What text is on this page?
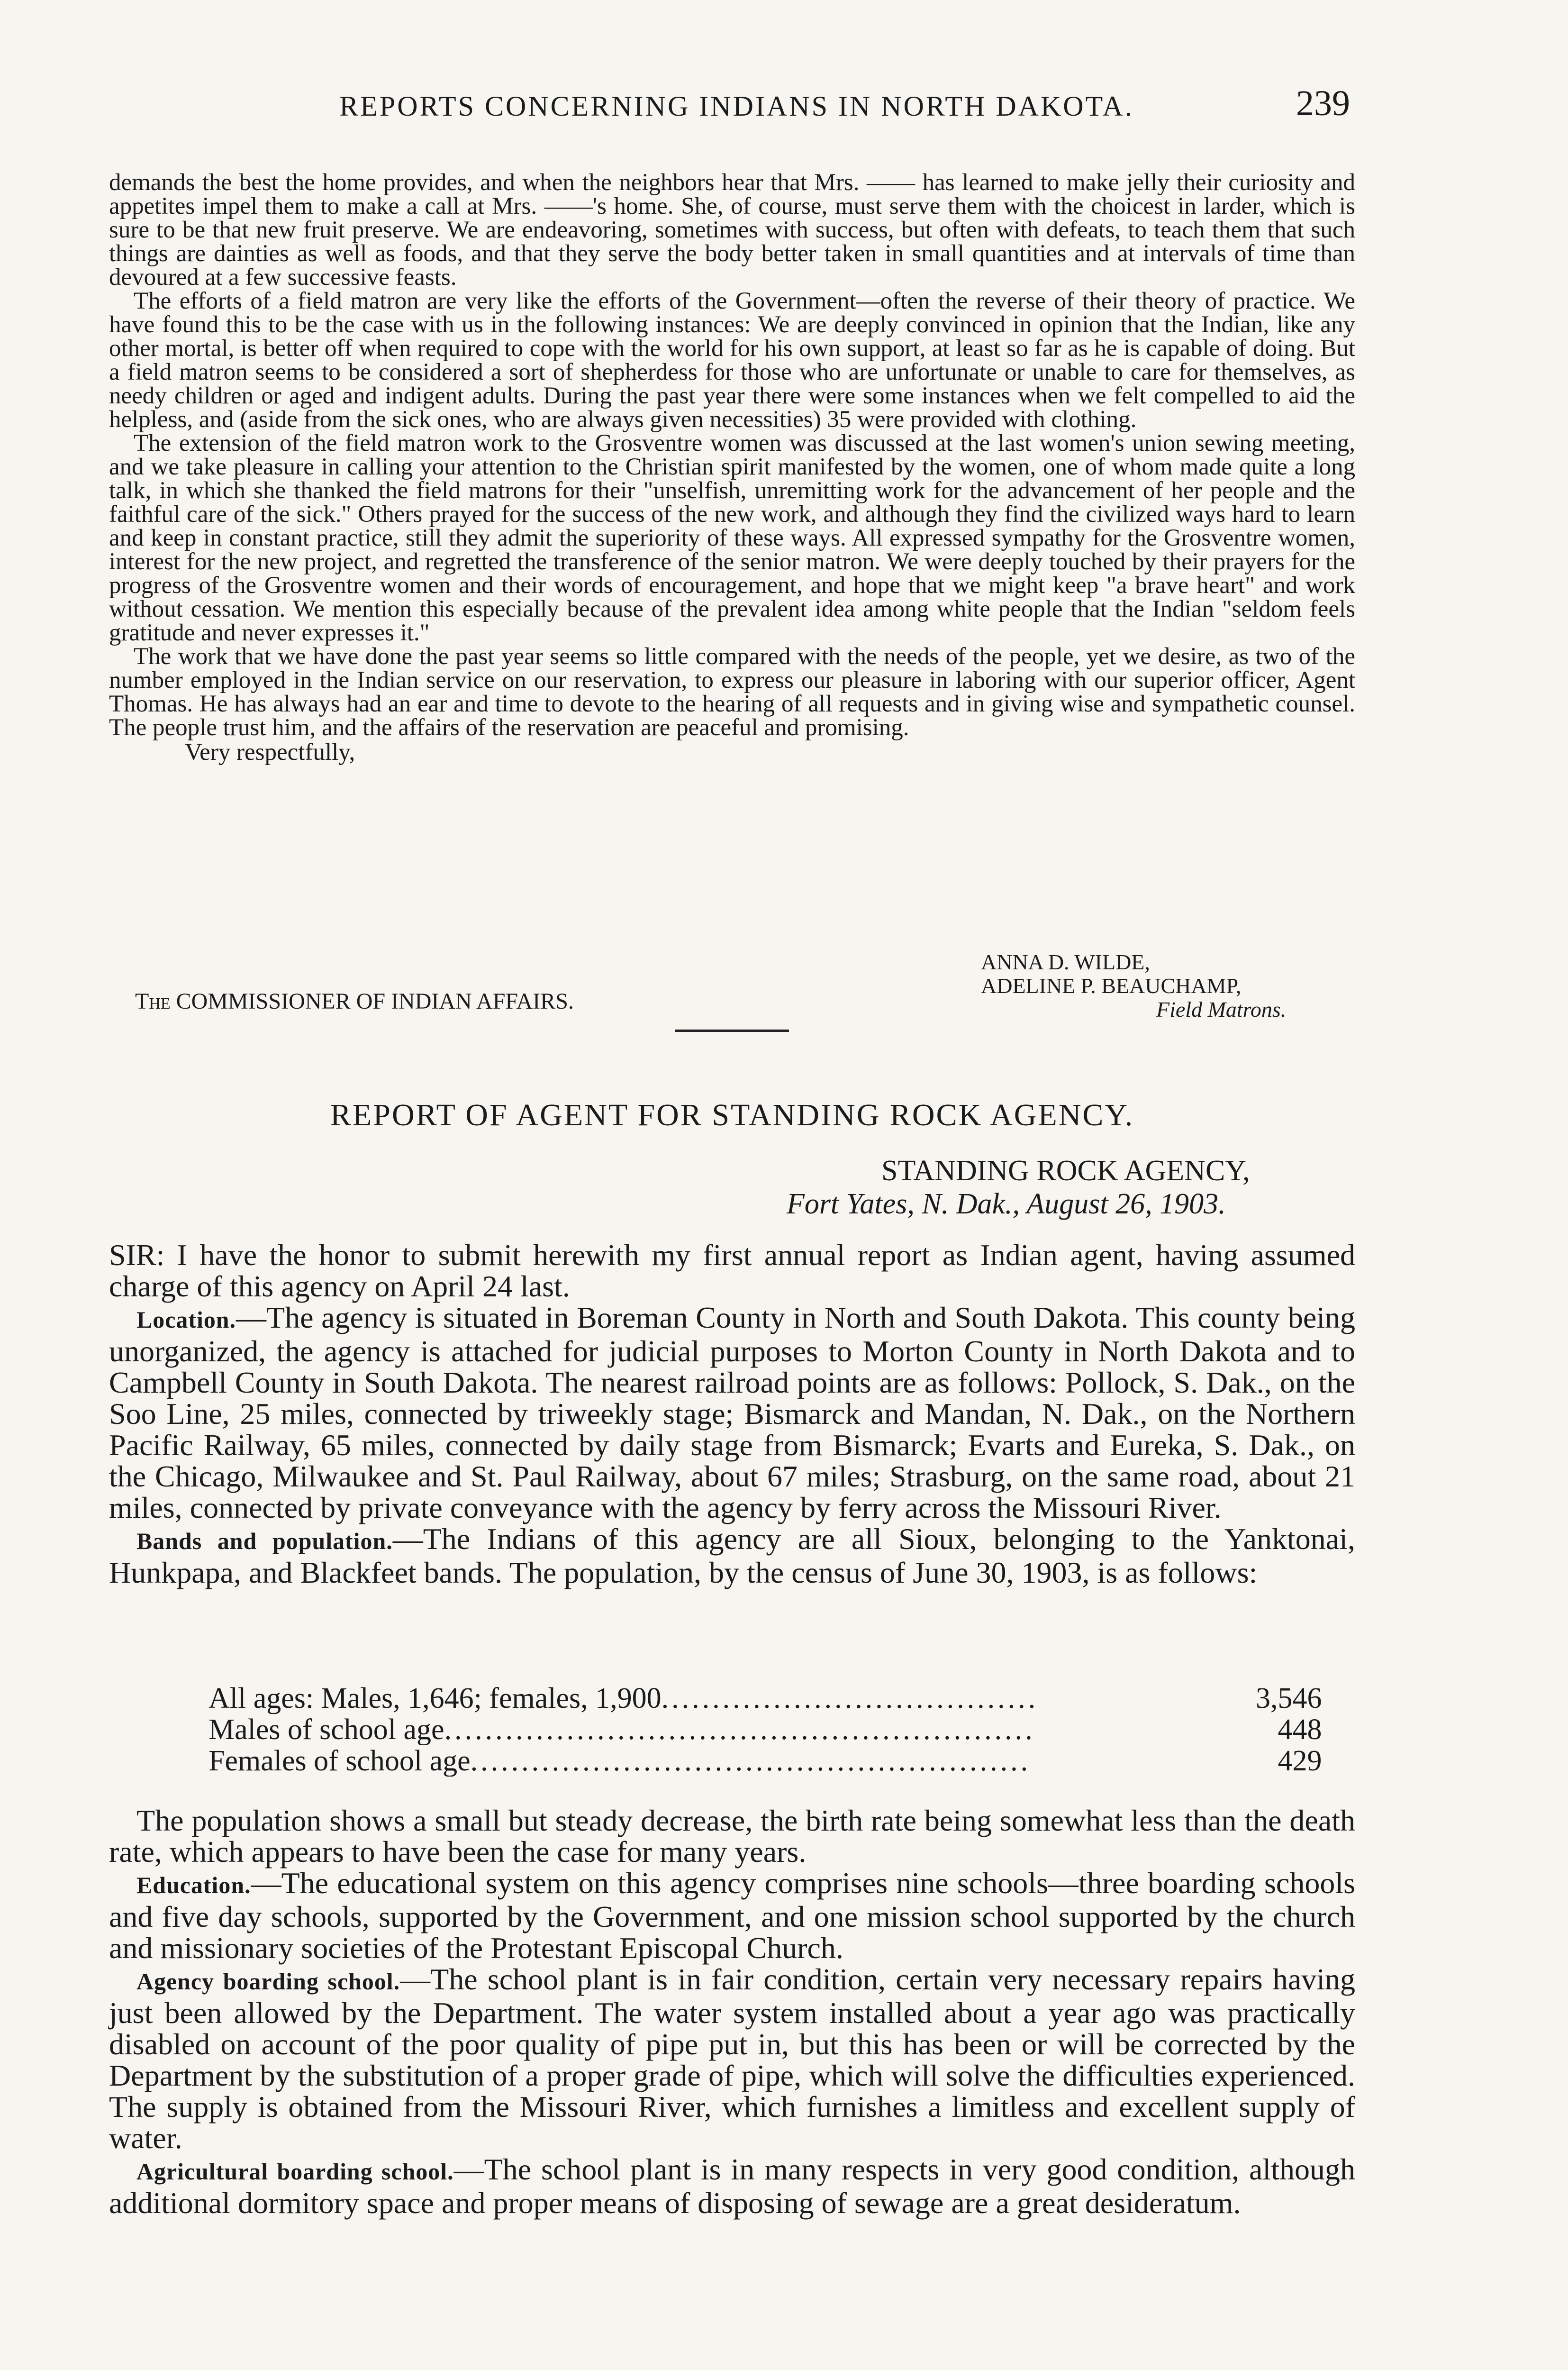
REPORTS CONCERNING INDIANS IN NORTH DAKOTA.	239

demands the best the home provides, and when the neighbors hear that Mrs. —— has learned to make jelly their curiosity and appetites impel them to make a call at Mrs. ——'s home. She, of course, must serve them with the choicest in larder, which is sure to be that new fruit preserve. We are endeavoring, sometimes with success, but often with defeats, to teach them that such things are dainties as well as foods, and that they serve the body better taken in small quantities and at intervals of time than devoured at a few successive feasts.

The efforts of a field matron are very like the efforts of the Government—often the reverse of their theory of practice. We have found this to be the case with us in the following instances: We are deeply convinced in opinion that the Indian, like any other mortal, is better off when required to cope with the world for his own support, at least so far as he is capable of doing. But a field matron seems to be considered a sort of shepherdess for those who are unfortunate or unable to care for themselves, as needy children or aged and indigent adults. During the past year there were some instances when we felt compelled to aid the helpless, and (aside from the sick ones, who are always given necessities) 35 were provided with clothing.

The extension of the field matron work to the Grosventre women was discussed at the last women's union sewing meeting, and we take pleasure in calling your attention to the Christian spirit manifested by the women, one of whom made quite a long talk, in which she thanked the field matrons for their "unselfish, unremitting work for the advancement of her people and the faithful care of the sick." Others prayed for the success of the new work, and although they find the civilized ways hard to learn and keep in constant practice, still they admit the superiority of these ways. All expressed sympathy for the Grosventre women, interest for the new project, and regretted the transference of the senior matron. We were deeply touched by their prayers for the progress of the Grosventre women and their words of encouragement, and hope that we might keep "a brave heart" and work without cessation. We mention this especially because of the prevalent idea among white people that the Indian "seldom feels gratitude and never expresses it."

The work that we have done the past year seems so little compared with the needs of the people, yet we desire, as two of the number employed in the Indian service on our reservation, to express our pleasure in laboring with our superior officer, Agent Thomas. He has always had an ear and time to devote to the hearing of all requests and in giving wise and sympathetic counsel. The people trust him, and the affairs of the reservation are peaceful and promising.

Very respectfully,

ANNA D. WILDE,
ADELINE P. BEAUCHAMP,
Field Matrons.
The COMMISSIONER OF INDIAN AFFAIRS.
REPORT OF AGENT FOR STANDING ROCK AGENCY.
STANDING ROCK AGENCY,
Fort Yates, N. Dak., August 26, 1903.

SIR: I have the honor to submit herewith my first annual report as Indian agent, having assumed charge of this agency on April 24 last.

Location.—The agency is situated in Boreman County in North and South Dakota. This county being unorganized, the agency is attached for judicial purposes to Morton County in North Dakota and to Campbell County in South Dakota. The nearest railroad points are as follows: Pollock, S. Dak., on the Soo Line, 25 miles, connected by triweekly stage; Bismarck and Mandan, N. Dak., on the Northern Pacific Railway, 65 miles, connected by daily stage from Bismarck; Evarts and Eureka, S. Dak., on the Chicago, Milwaukee and St. Paul Railway, about 67 miles; Strasburg, on the same road, about 21 miles, connected by private conveyance with the agency by ferry across the Missouri River.

Bands and population.—The Indians of this agency are all Sioux, belonging to the Yanktonai, Hunkpapa, and Blackfeet bands. The population, by the census of June 30, 1903, is as follows:

All ages: Males, 1,646; females, 1,900.....................................	3,546
Males of school age..........................................................	448
Females of school age.......................................................	429

The population shows a small but steady decrease, the birth rate being somewhat less than the death rate, which appears to have been the case for many years.

Education.—The educational system on this agency comprises nine schools—three boarding schools and five day schools, supported by the Government, and one mission school supported by the church and missionary societies of the Protestant Episcopal Church.

Agency boarding school.—The school plant is in fair condition, certain very necessary repairs having just been allowed by the Department. The water system installed about a year ago was practically disabled on account of the poor quality of pipe put in, but this has been or will be corrected by the Department by the substitution of a proper grade of pipe, which will solve the difficulties experienced. The supply is obtained from the Missouri River, which furnishes a limitless and excellent supply of water.

Agricultural boarding school.—The school plant is in many respects in very good condition, although additional dormitory space and proper means of disposing of sewage are a great desideratum.
